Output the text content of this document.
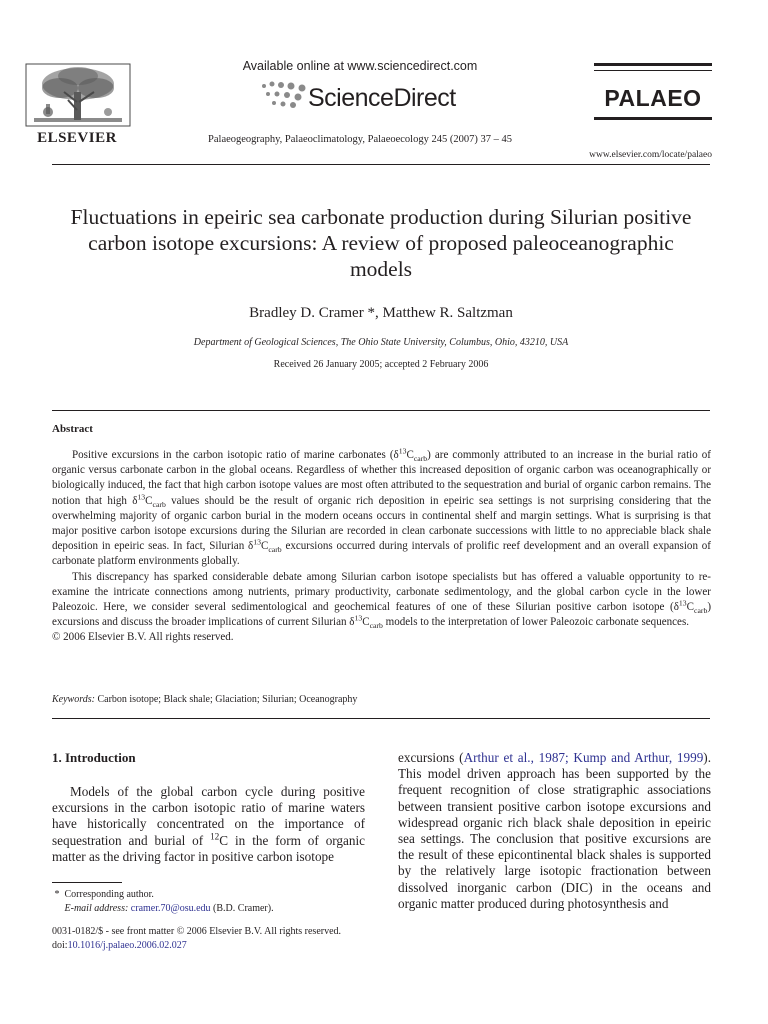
ELSEVIER
Available online at www.sciencedirect.com
ScienceDirect
Palaeogeography, Palaeoclimatology, Palaeoecology 245 (2007) 37 – 45
PALAEO
www.elsevier.com/locate/palaeo
Fluctuations in epeiric sea carbonate production during Silurian positive carbon isotope excursions: A review of proposed paleoceanographic models
Bradley D. Cramer *, Matthew R. Saltzman
Department of Geological Sciences, The Ohio State University, Columbus, Ohio, 43210, USA
Received 26 January 2005; accepted 2 February 2006
Abstract

Positive excursions in the carbon isotopic ratio of marine carbonates $(\delta^{13}C_{carb})$ are commonly attributed to an increase in the burial ratio of organic versus carbonate carbon in the global oceans. Regardless of whether this increased deposition of organic carbon was oceanographically or biologically induced, the fact that high carbon isotope values are most often attributed to the sequestration and burial of organic carbon remains. The notion that high $\delta^{13}C_{carb}$ values should be the result of organic rich deposition in epeiric sea settings is not surprising considering that the overwhelming majority of organic carbon burial in the modern oceans occurs in continental shelf and margin settings. What is surprising is that major positive carbon isotope excursions during the Silurian are recorded in clean carbonate successions with little to no appreciable black shale deposition in epeiric seas. In fact, Silurian $\delta^{13}C_{carb}$ excursions occurred during intervals of prolific reef development and an overall expansion of carbonate platform environments globally.

This discrepancy has sparked considerable debate among Silurian carbon isotope specialists but has offered a valuable opportunity to re-examine the intricate connections among nutrients, primary productivity, carbonate sedimentology, and the global carbon cycle in the lower Paleozoic. Here, we consider several sedimentological and geochemical features of one of these Silurian positive carbon isotope $(\delta^{13}C_{carb})$ excursions and discuss the broader implications of current Silurian $\delta^{13}C_{carb}$ models to the interpretation of lower Paleozoic carbonate sequences.

© 2006 Elsevier B.V. All rights reserved.

Keywords: Carbon isotope; Black shale; Glaciation; Silurian; Oceanography
1. Introduction

Models of the global carbon cycle during positive excursions in the carbon isotopic ratio of marine waters have historically concentrated on the importance of sequestration and burial of $^{12}$C in the form of organic matter as the driving factor in positive carbon isotope

excursions (Arthur et al., 1987; Kump and Arthur, 1999). This model driven approach has been supported by the frequent recognition of close stratigraphic associations between transient positive carbon isotope excursions and widespread organic rich black shale deposition in epeiric sea settings. The conclusion that positive excursions are the result of these epicontinental black shales is supported by the relatively large isotopic fractionation between dissolved inorganic carbon (DIC) in the oceans and organic matter produced during photosynthesis and

* Corresponding author.

E-mail address: cramer.70@osu.edu (B.D. Cramer).

0031-0182/$ - see front matter © 2006 Elsevier B.V. All rights reserved.

doi:10.1016/j.palaeo.2006.02.027
